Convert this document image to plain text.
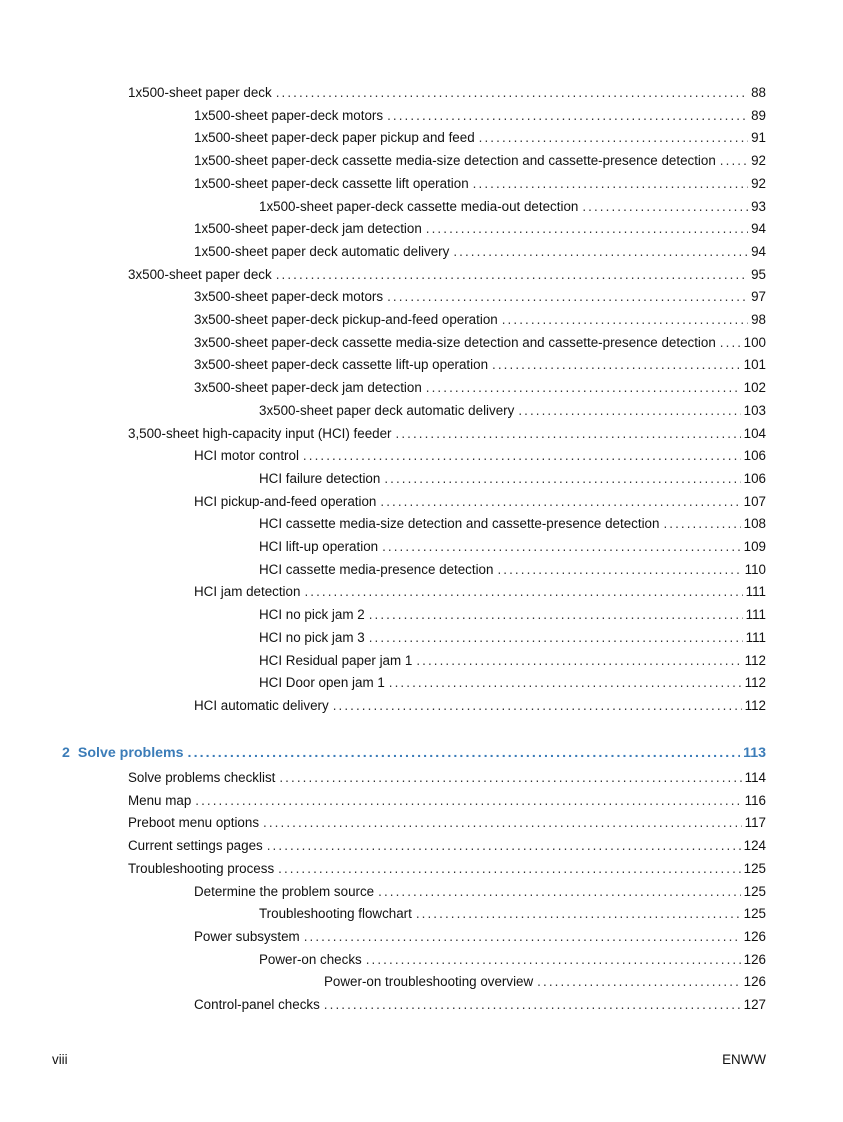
1x500-sheet paper deck .....	88
1x500-sheet paper-deck motors .....	89
1x500-sheet paper-deck paper pickup and feed .....	91
1x500-sheet paper-deck cassette media-size detection and cassette-presence detection .....	92
1x500-sheet paper-deck cassette lift operation .....	92
1x500-sheet paper-deck cassette media-out detection .....	93
1x500-sheet paper-deck jam detection .....	94
1x500-sheet paper deck automatic delivery .....	94
3x500-sheet paper deck .....	95
3x500-sheet paper-deck motors .....	97
3x500-sheet paper-deck pickup-and-feed operation .....	98
3x500-sheet paper-deck cassette media-size detection and cassette-presence detection ..... 100
3x500-sheet paper-deck cassette lift-up operation .....	101
3x500-sheet paper-deck jam detection .....	102
3x500-sheet paper deck automatic delivery .....	103
3,500-sheet high-capacity input (HCI) feeder .....	104
HCI motor control .....	106
HCI failure detection .....	106
HCI pickup-and-feed operation .....	107
HCI cassette media-size detection and cassette-presence detection .....	108
HCI lift-up operation .....	109
HCI cassette media-presence detection .....	110
HCI jam detection .....	111
HCI no pick jam 2 .....	111
HCI no pick jam 3 .....	111
HCI Residual paper jam 1 .....	112
HCI Door open jam 1 .....	112
HCI automatic delivery .....	112
2 Solve problems .....	113
Solve problems checklist .....	114
Menu map .....	116
Preboot menu options .....	117
Current settings pages .....	124
Troubleshooting process .....	125
Determine the problem source .....	125
Troubleshooting flowchart .....	125
Power subsystem .....	126
Power-on checks .....	126
Power-on troubleshooting overview .....	126
Control-panel checks .....	127
viii	ENWW
